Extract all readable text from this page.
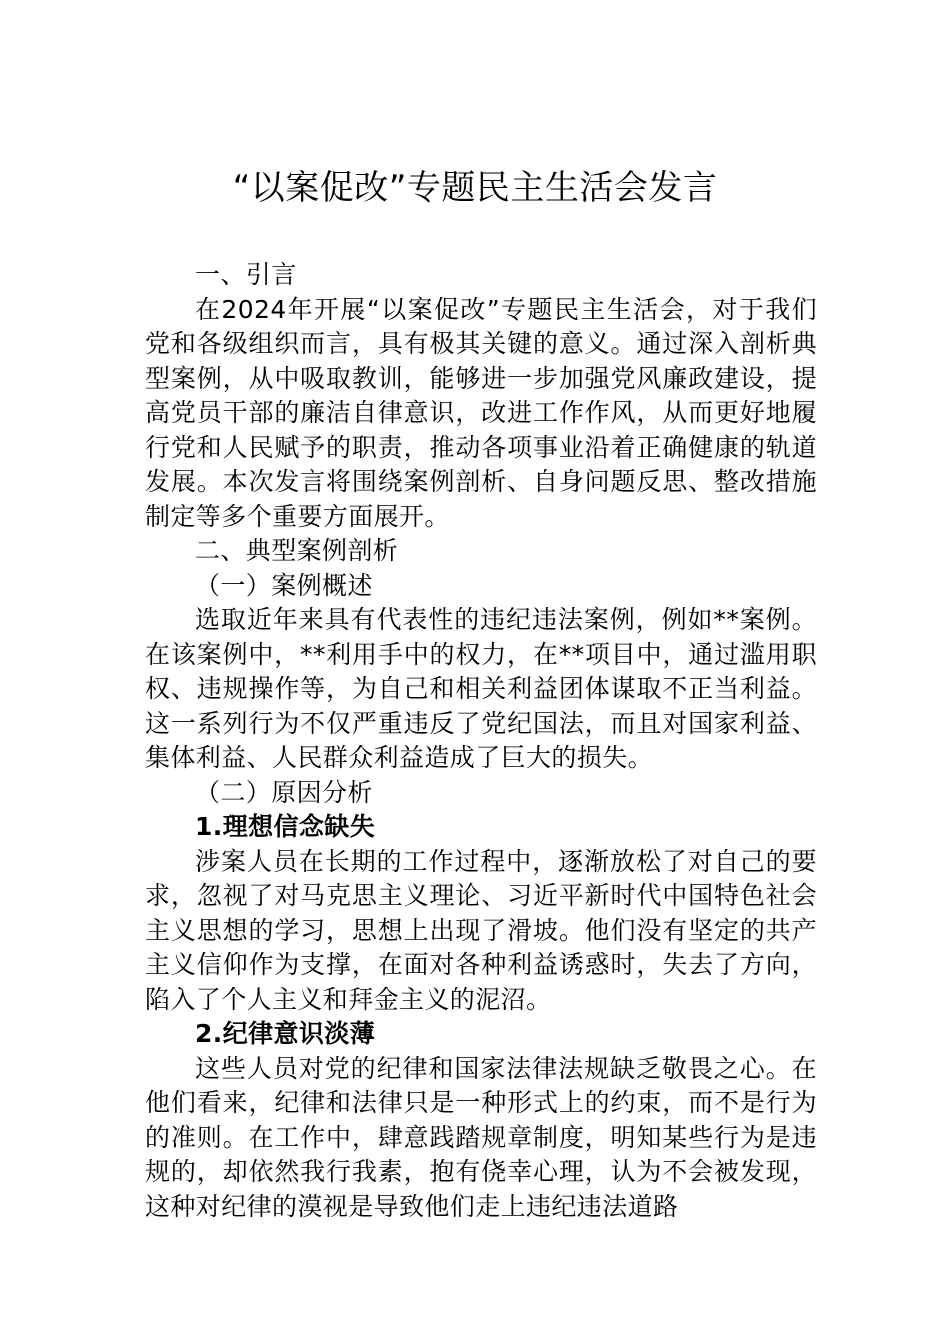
“以案促改”专题民主生活会发言

一、引言

在2024年开展“以案促改”专题民主生活会，对于我们党和各级组织而言，具有极其关键的意义。通过深入剖析典型案例，从中吸取教训，能够进一步加强党风廉政建设，提高党员干部的廉洁自律意识，改进工作作风，从而更好地履行党和人民赋予的职责，推动各项事业沿着正确健康的轨道发展。本次发言将围绕案例剖析、自身问题反思、整改措施制定等多个重要方面展开。

二、典型案例剖析

（一）案例概述

选取近年来具有代表性的违纪违法案例，例如**案例。在该案例中，**利用手中的权力，在**项目中，通过滥用职权、违规操作等，为自己和相关利益团体谋取不正当利益。这一系列行为不仅严重违反了党纪国法，而且对国家利益、集体利益、人民群众利益造成了巨大的损失。

（二）原因分析

1.理想信念缺失

涉案人员在长期的工作过程中，逐渐放松了对自己的要求，忽视了对马克思主义理论、习近平新时代中国特色社会主义思想的学习，思想上出现了滑坡。他们没有坚定的共产主义信仰作为支撑，在面对各种利益诱惑时，失去了方向，陷入了个人主义和拜金主义的泥沼。

2.纪律意识淡薄

这些人员对党的纪律和国家法律法规缺乏敬畏之心。在他们看来，纪律和法律只是一种形式上的约束，而不是行为的准则。在工作中，肆意践踏规章制度，明知某些行为是违规的，却依然我行我素，抱有侥幸心理，认为不会被发现，这种对纪律的漠视是导致他们走上违纪违法道路
